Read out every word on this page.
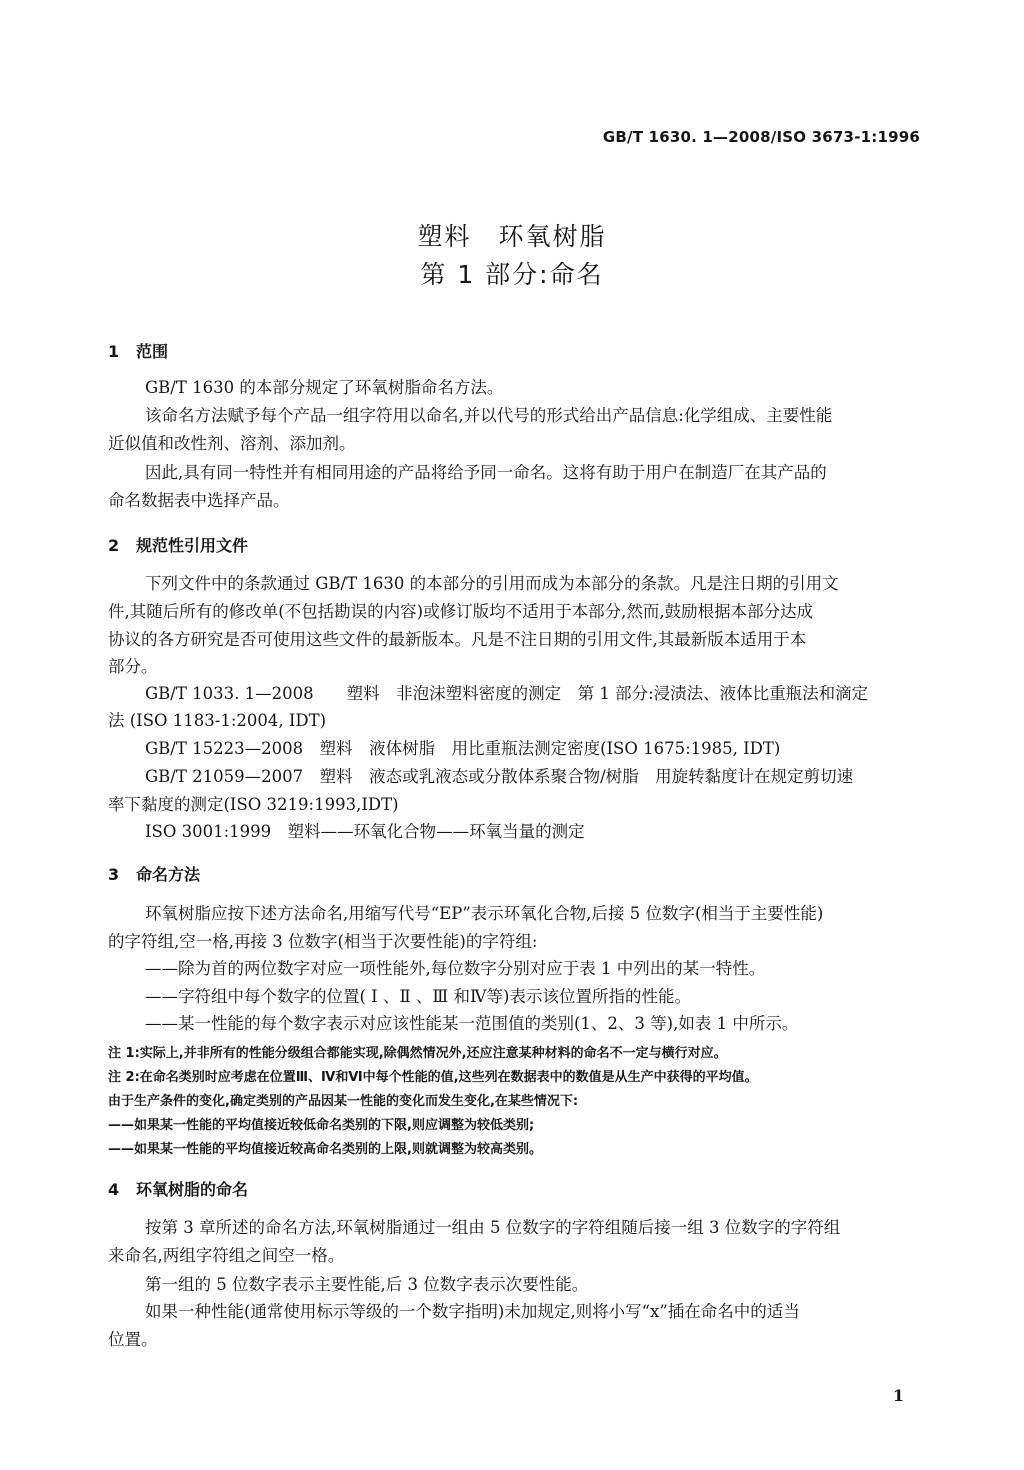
GB/T 1630. 1—2008/ISO 3673-1:1996
塑料　环氧树脂
第 1 部分:命名
1 范围
GB/T 1630 的本部分规定了环氧树脂命名方法。
该命名方法赋予每个产品一组字符用以命名,并以代号的形式给出产品信息:化学组成、主要性能
近似值和改性剂、溶剂、添加剂。
因此,具有同一特性并有相同用途的产品将给予同一命名。这将有助于用户在制造厂在其产品的
命名数据表中选择产品。
2 规范性引用文件
下列文件中的条款通过 GB/T 1630 的本部分的引用而成为本部分的条款。凡是注日期的引用文
件,其随后所有的修改单(不包括勘误的内容)或修订版均不适用于本部分,然而,鼓励根据本部分达成
协议的各方研究是否可使用这些文件的最新版本。凡是不注日期的引用文件,其最新版本适用于本
部分。
GB/T 1033. 1—2008　　塑料　非泡沫塑料密度的测定　第 1 部分:浸渍法、液体比重瓶法和滴定
法 (ISO 1183-1:2004, IDT)
GB/T 15223—2008　塑料　液体树脂　用比重瓶法测定密度(ISO 1675:1985, IDT)
GB/T 21059—2007　塑料　液态或乳液态或分散体系聚合物/树脂　用旋转黏度计在规定剪切速
率下黏度的测定(ISO 3219:1993,IDT)
ISO 3001:1999　塑料——环氧化合物——环氧当量的测定
3 命名方法
环氧树脂应按下述方法命名,用缩写代号“EP”表示环氧化合物,后接 5 位数字(相当于主要性能)
的字符组,空一格,再接 3 位数字(相当于次要性能)的字符组:
——除为首的两位数字对应一项性能外,每位数字分别对应于表 1 中列出的某一特性。
——字符组中每个数字的位置( Ⅰ 、Ⅱ 、Ⅲ 和Ⅳ等)表示该位置所指的性能。
——某一性能的每个数字表示对应该性能某一范围值的类别(1、2、3 等),如表 1 中所示。
注 1:实际上,并非所有的性能分级组合都能实现,除偶然情况外,还应注意某种材料的命名不一定与横行对应。
注 2:在命名类别时应考虑在位置Ⅲ、Ⅳ和Ⅵ中每个性能的值,这些列在数据表中的数值是从生产中获得的平均值。
由于生产条件的变化,确定类别的产品因某一性能的变化而发生变化,在某些情况下:
——如果某一性能的平均值接近较低命名类别的下限,则应调整为较低类别;
——如果某一性能的平均值接近较高命名类别的上限,则就调整为较高类别。
4 环氧树脂的命名
按第 3 章所述的命名方法,环氧树脂通过一组由 5 位数字的字符组随后接一组 3 位数字的字符组
来命名,两组字符组之间空一格。
第一组的 5 位数字表示主要性能,后 3 位数字表示次要性能。
如果一种性能(通常使用标示等级的一个数字指明)未加规定,则将小写“x”插在命名中的适当
位置。
1
